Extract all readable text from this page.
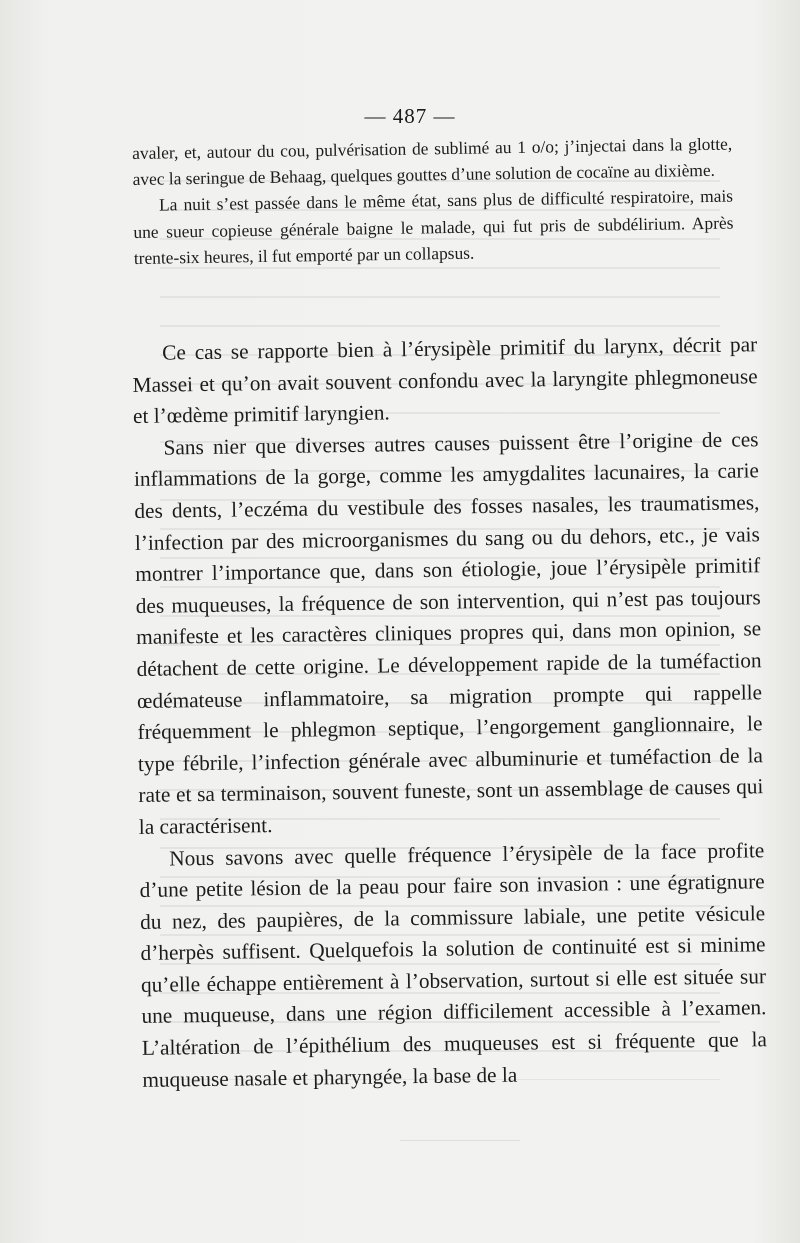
— 487 —

avaler, et, autour du cou, pulvérisation de sublimé au 1 o/o; j’injectai dans la glotte, avec la seringue de Behaag, quelques gouttes d’une solution de cocaïne au dixième.

La nuit s’est passée dans le même état, sans plus de difficulté respiratoire, mais une sueur copieuse générale baigne le malade, qui fut pris de subdélirium. Après trente-six heures, il fut emporté par un collapsus.

Ce cas se rapporte bien à l’érysipèle primitif du larynx, décrit par Massei et qu’on avait souvent confondu avec la laryngite phlegmoneuse et l’œdème primitif laryngien.

Sans nier que diverses autres causes puissent être l’origine de ces inflammations de la gorge, comme les amygdalites lacunaires, la carie des dents, l’eczéma du vestibule des fosses nasales, les traumatismes, l’infection par des microorganismes du sang ou du dehors, etc., je vais montrer l’importance que, dans son étiologie, joue l’érysipèle primitif des muqueuses, la fréquence de son intervention, qui n’est pas toujours manifeste et les caractères cliniques propres qui, dans mon opinion, se détachent de cette origine. Le développement rapide de la tuméfaction œdémateuse inflammatoire, sa migration prompte qui rappelle fréquemment le phlegmon septique, l’engorgement ganglionnaire, le type fébrile, l’infection générale avec albuminurie et tuméfaction de la rate et sa terminaison, souvent funeste, sont un assemblage de causes qui la caractérisent.

Nous savons avec quelle fréquence l’érysipèle de la face profite d’une petite lésion de la peau pour faire son invasion : une égratignure du nez, des paupières, de la commissure labiale, une petite vésicule d’herpès suffisent. Quelquefois la solution de continuité est si minime qu’elle échappe entièrement à l’observation, surtout si elle est située sur une muqueuse, dans une région difficilement accessible à l’examen. L’altération de l’épithélium des muqueuses est si fréquente que la muqueuse nasale et pharyngée, la base de la
